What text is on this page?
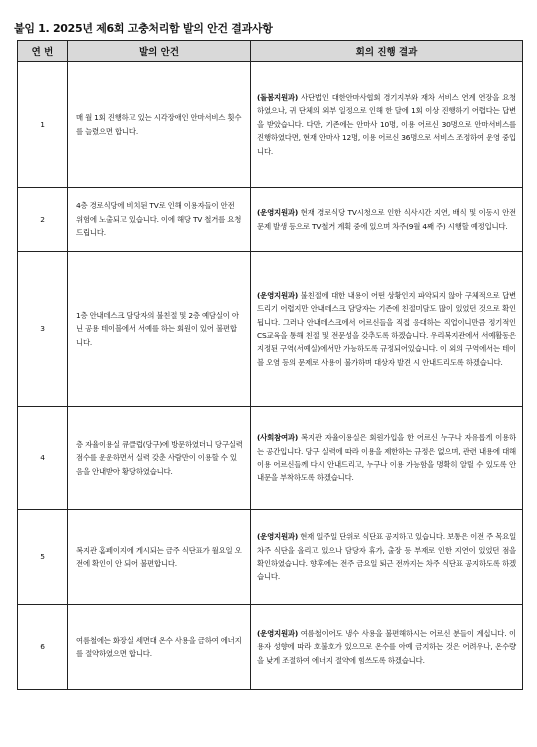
붙임 1. 2025년 제6회 고충처리함 발의 안건 결과사항
연 번	발의 안건	회의 진행 결과
1	매 월 1회 진행하고 있는 시각장애인 안마서비스 횟수를 늘렸으면 합니다.	(돌봄지원과) 사단법인 대한안마사협회 경기지부와 재차 서비스 연계 연장을 요청하였으나, 귀 단체의 외부 일정으로 인해 한 달에 1회 이상 진행하기 어렵다는 답변을 받았습니다. 다만, 기존에는 안마사 10명, 이용 어르신 30명으로 안마서비스를 진행하였다면, 현재 안마사 12명, 이용 어르신 36명으로 서비스 조정하여 운영 중입니다.
2	4층 경로식당에 비치된 TV로 인해 이용자들이 안전 위험에 노출되고 있습니다. 이에 해당 TV 철거를 요청 드립니다.	(운영지원과) 현재 경로식당 TV시청으로 인한 식사시간 지연, 배식 및 이동시 안전문제 발생 등으로 TV철거 계획 중에 있으며 차주(9월 4째 주) 시행할 예정입니다.
3	1층 안내데스크 담당자의 불친절 및 2층 예담실이 아닌 공용 테이블에서 서예를 하는 회원이 있어 불편합니다.	(운영지원과) 불친절에 대한 내용이 어떤 상황인지 파악되지 않아 구체적으로 답변 드리기 어렵지만 안내데스크 담당자는 기존에 친절미담도 많이 있었던 것으로 확인됩니다. 그러나 안내데스크에서 어르신들을 직접 응대하는 직업이니만큼 정기적인 CS교육을 통해 친절 및 전문성을 갖추도록 하겠습니다. 우리복지관에서 서예활동은 지정된 구역(서예실)에서만 가능하도록 규정되어있습니다. 이 외의 구역에서는 테이블 오염 등의 문제로 사용이 불가하며 대상자 발견 시 안내드리도록 하겠습니다.
4	층 자율이용실 큐클럽(당구)에 방문하였더니 당구실력 점수를 운운하면서 실력 갖춘 사람만이 이용할 수 있음을 안내받아 황당하였습니다.	(사회참여과) 복지관 자율이용실은 회원가입을 한 어르신 누구나 자유롭게 이용하는 공간입니다. 당구 실력에 따라 이용을 제한하는 규정은 없으며, 관련 내용에 대해 이용 어르신들께 다시 안내드리고, 누구나 이용 가능함을 명확히 알릴 수 있도록 안내문을 부착하도록 하겠습니다.
5	복지관 홈페이지에 게시되는 금주 식단표가 월요일 오전에 확인이 안 되어 불편합니다.	(운영지원과) 현재 일주일 단위로 식단표 공지하고 있습니다. 보통은 이전 주 목요일 차주 식단을 올리고 있으나 담당자 휴가, 출장 등 부재로 인한 지연이 있었던 점을 확인하였습니다. 향후에는 전주 금요일 퇴근 전까지는 차주 식단표 공지하도록 하겠습니다.
6	여름철에는 화장실 세면대 온수 사용을 금하여 에너지를 절약하였으면 합니다.	(운영지원과) 여름철이어도 냉수 사용을 불편해하시는 어르신 분들이 계십니다. 이용자 성향에 따라 호불호가 있으므로 온수를 아예 금지하는 것은 어려우나, 온수량을 낮게 조절하여 에너지 절약에 힘쓰도록 하겠습니다.
